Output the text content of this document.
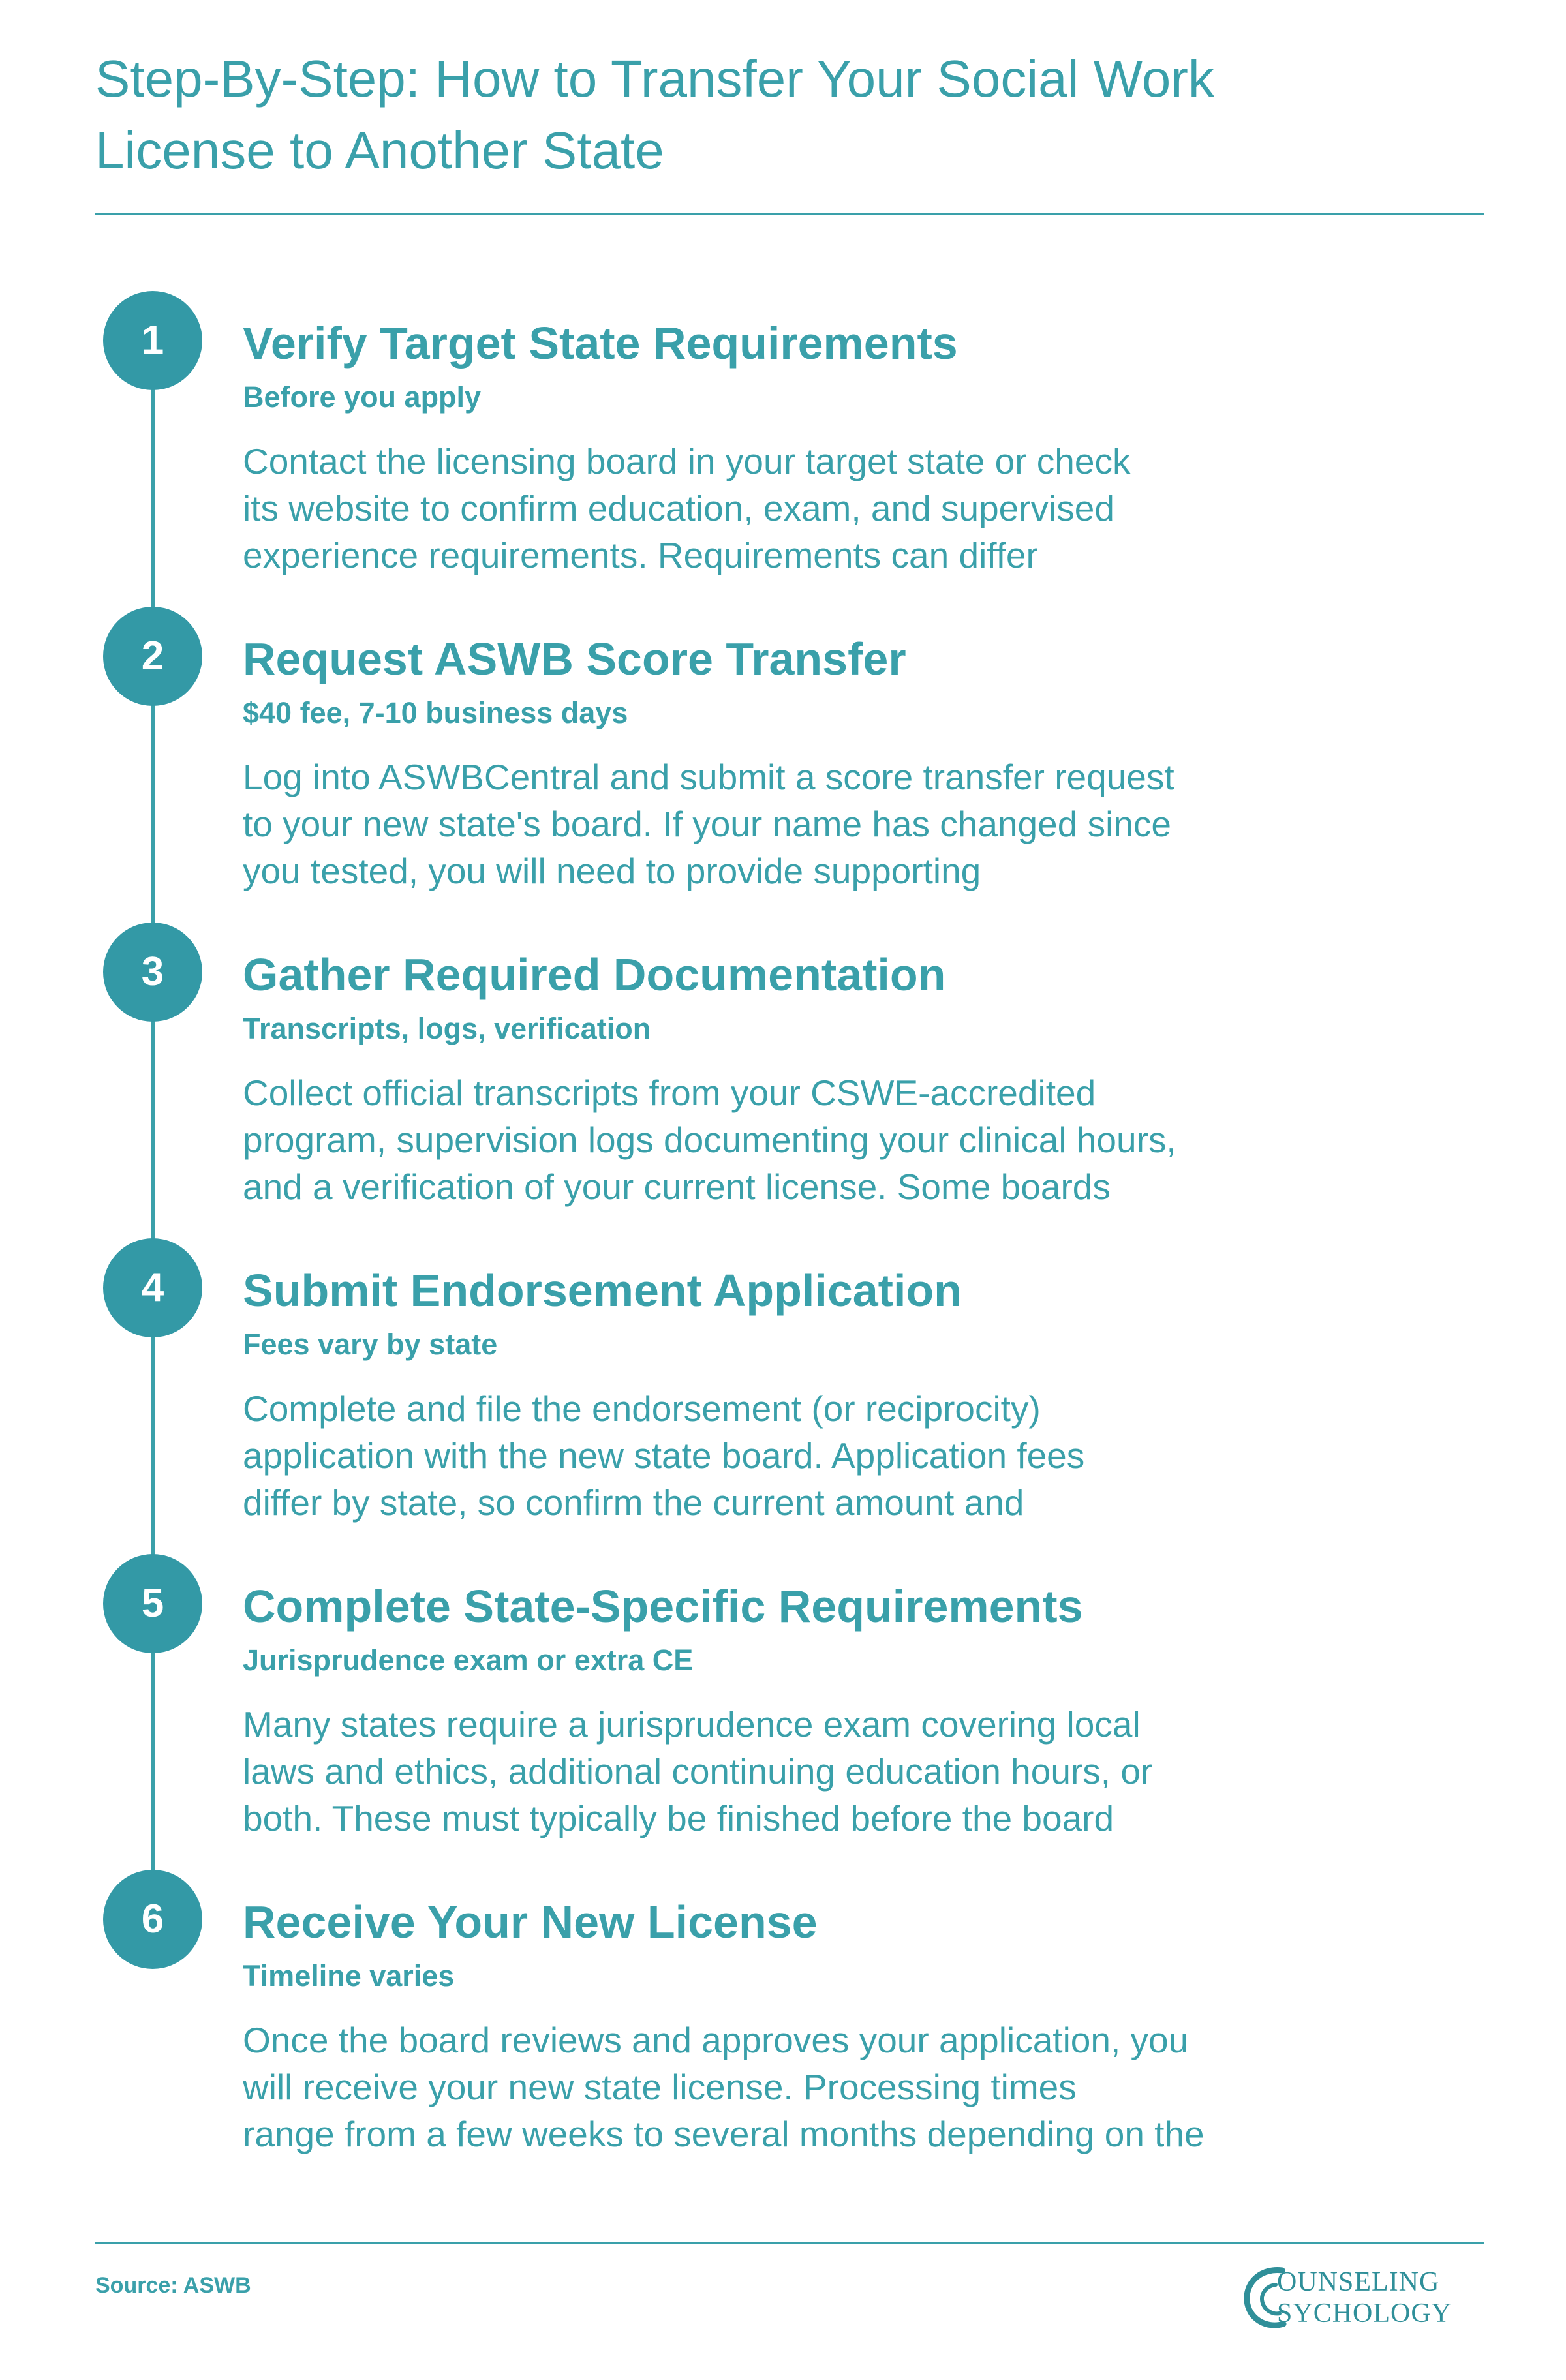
Step-By-Step: How to Transfer Your Social Work
License to Another State
1	Verify Target State Requirements
Before you apply
Contact the licensing board in your target state or check
its website to confirm education, exam, and supervised
experience requirements. Requirements can differ
2	Request ASWB Score Transfer
$40 fee, 7-10 business days
Log into ASWBCentral and submit a score transfer request
to your new state's board. If your name has changed since
you tested, you will need to provide supporting
3	Gather Required Documentation
Transcripts, logs, verification
Collect official transcripts from your CSWE-accredited
program, supervision logs documenting your clinical hours,
and a verification of your current license. Some boards
4	Submit Endorsement Application
Fees vary by state
Complete and file the endorsement (or reciprocity)
application with the new state board. Application fees
differ by state, so confirm the current amount and
5	Complete State-Specific Requirements
Jurisprudence exam or extra CE
Many states require a jurisprudence exam covering local
laws and ethics, additional continuing education hours, or
both. These must typically be finished before the board
6	Receive Your New License
Timeline varies
Once the board reviews and approves your application, you
will receive your new state license. Processing times
range from a few weeks to several months depending on the
Source: ASWB	OUNSELING
SYCHOLOGY
